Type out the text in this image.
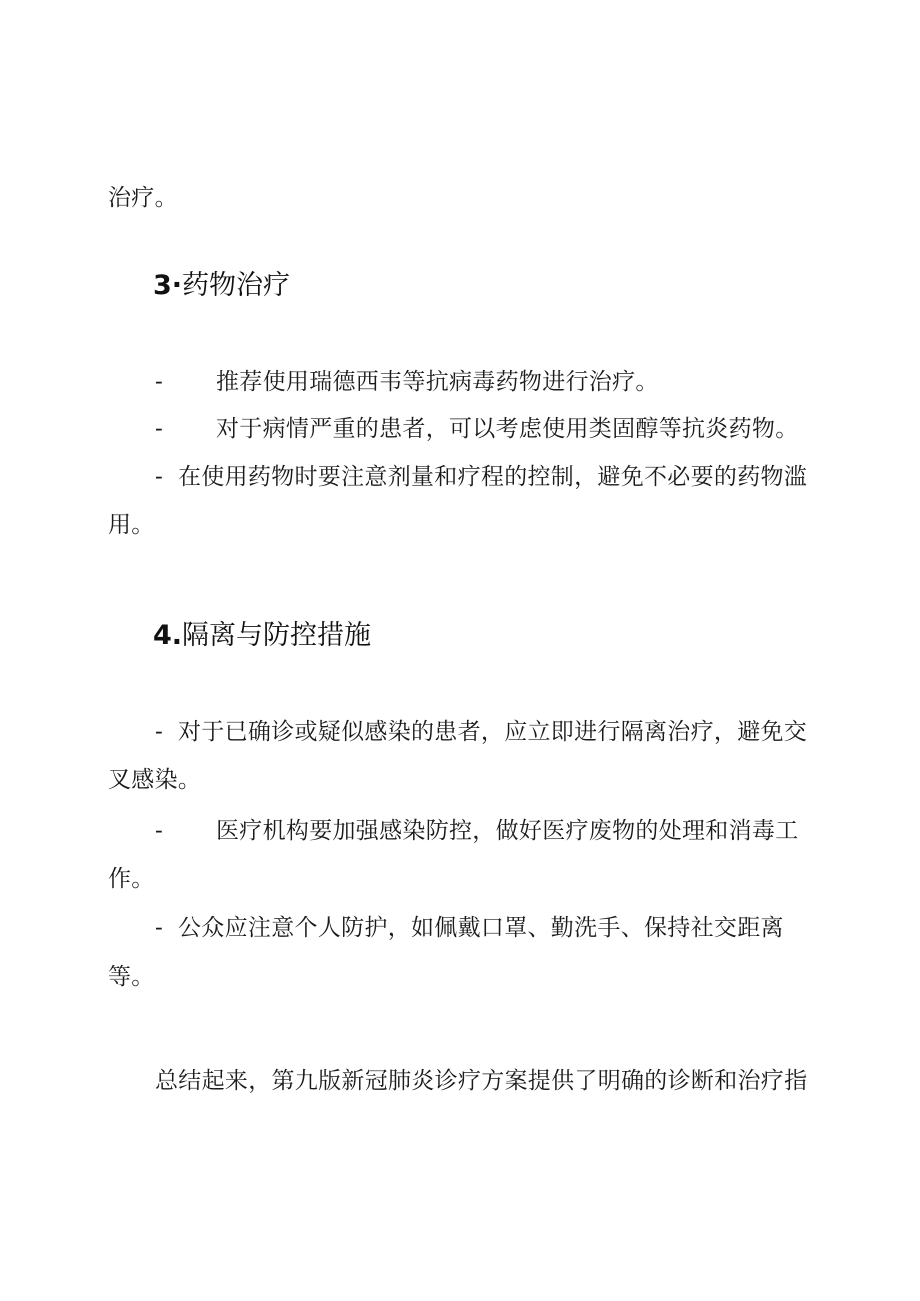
治疗。
3·药物治疗
- 推荐使用瑞德西韦等抗病毒药物进行治疗。
- 对于病情严重的患者，可以考虑使用类固醇等抗炎药物。
- 在使用药物时要注意剂量和疗程的控制，避免不必要的药物滥
用。
4.隔离与防控措施
- 对于已确诊或疑似感染的患者，应立即进行隔离治疗，避免交
叉感染。
- 医疗机构要加强感染防控，做好医疗废物的处理和消毒工
作。
- 公众应注意个人防护，如佩戴口罩、勤洗手、保持社交距离
等。
总结起来，第九版新冠肺炎诊疗方案提供了明确的诊断和治疗指
